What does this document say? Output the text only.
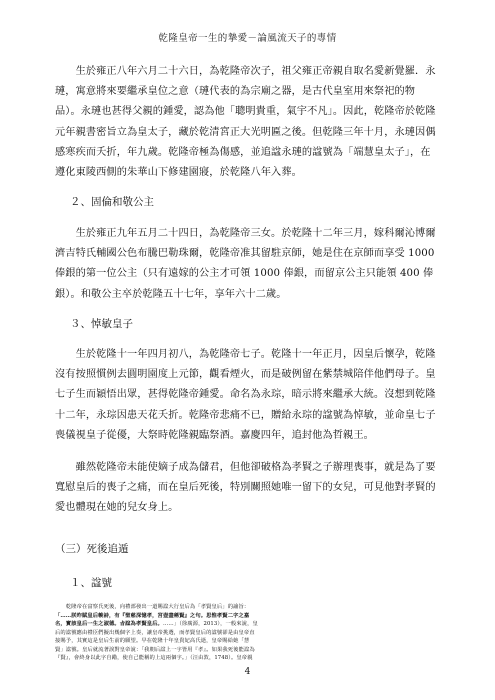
乾隆皇帝一生的摯愛－論風流天子的專情
　　生於雍正八年六月二十六日，為乾隆帝次子，祖父雍正帝親自取名愛新覺羅．永
璉，寓意將來要繼承皇位之意（璉代表的為宗廟之器，是古代皇室用來祭祀的物
品）。永璉也甚得父親的鍾愛，認為他「聰明貴重，氣宇不凡」。因此，乾隆帝於乾隆
元年親書密旨立為皇太子，藏於乾清宮正大光明匾之後。但乾隆三年十月，永璉因偶
感寒疾而夭折，年九歲。乾隆帝極為傷感，並追諡永璉的諡號為「端慧皇太子」，在
遵化東陵西側的朱華山下修建園寢，於乾隆八年入葬。
２、固倫和敬公主
　　生於雍正九年五月二十四日，為乾隆帝三女。於乾隆十二年三月，嫁科爾沁博爾
濟吉特氏輔國公色布騰巴勒珠爾，乾隆帝准其留駐京師，她是住在京師而享受 1000
俸銀的第一位公主（只有遠嫁的公主才可領 1000 俸銀，而留京公主只能領 400 俸
銀）。和敬公主卒於乾隆五十七年，享年六十二歲。
３、悼敏皇子
　　生於乾隆十一年四月初八，為乾隆帝七子。乾隆十一年正月，因皇后懷孕，乾隆
沒有按照慣例去圓明園度上元節，觀看煙火，而是破例留在紫禁城陪伴他們母子。皇
七子生而穎悟出眾，甚得乾隆帝鍾愛。命名為永琮，暗示將來繼承大統。沒想到乾隆
十二年，永琮因患天花夭折。乾隆帝悲痛不已，贈給永琮的諡號為悼敏，並命皇七子
喪儀視皇子從優，大祭時乾隆親臨祭酒。嘉慶四年，追封他為哲親王。
　　雖然乾隆帝未能使嫡子成為儲君，但他卻破格為孝賢之子辦理喪事，就是為了要
寬慰皇后的喪子之痛，而在皇后死後，特別關照她唯一留下的女兒，可見他對孝賢的
愛也體現在她的兒女身上。
（三）死後追遁
１、諡號
　　乾隆帝在富察氏死後，向禮部發出一道賜諡大行皇后為「孝賢皇后」的諭旨：
「……朕昨賦皇后輓詩，有『聖慈深憶孝，宮壺盡稱賢』之句。思惟孝賢二字之嘉
名，實該皇后一生之淑德。㫖諡為孝賢皇后。……」（徐廣源，2013），一般來說，皇
后的諡號應由禮臣們擬出幾個字上奏，讓皇帝挑選，而孝賢皇后的諡號卻是由皇帝直
接賜予，其實這是皇后生前的願望。早在乾隆十年皇貴妃高氏逝，皇帝賜給她「慧
賢」諡號。皇后就流著淚對皇帝說：「我朝后諡上一字皆用『孝』。如果我死後能諡為
『賢』，會終身以此字自勵，使自己能稱的上這兩個字。」（汪由敦，1748）。皇帝親
4
